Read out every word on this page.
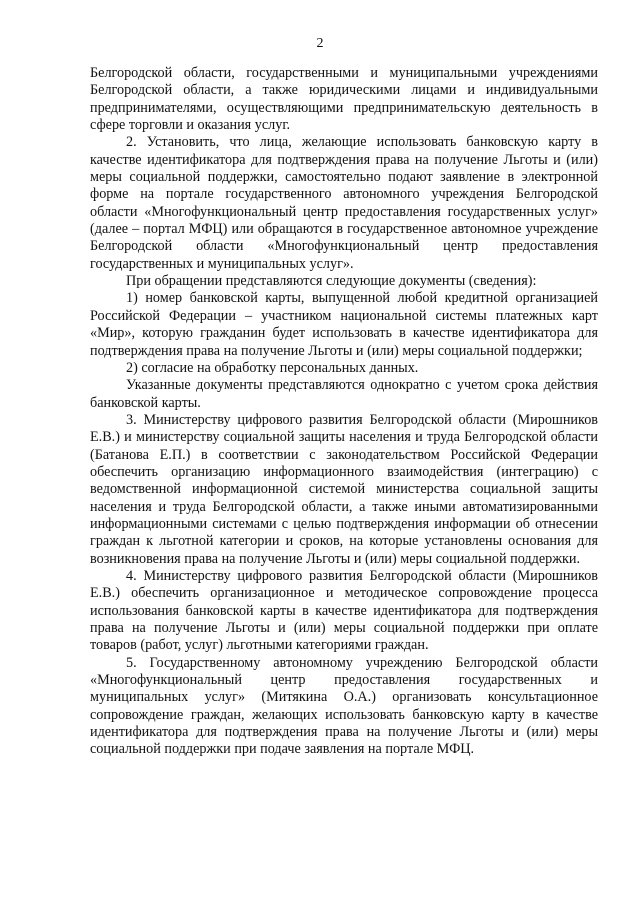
2

Белгородской области, государственными и муниципальными учреждениями Белгородской области, а также юридическими лицами и индивидуальными предпринимателями, осуществляющими предпринимательскую деятельность в сфере торговли и оказания услуг.

2. Установить, что лица, желающие использовать банковскую карту в качестве идентификатора для подтверждения права на получение Льготы и (или) меры социальной поддержки, самостоятельно подают заявление в электронной форме на портале государственного автономного учреждения Белгородской области «Многофункциональный центр предоставления государственных услуг» (далее – портал МФЦ) или обращаются в государственное автономное учреждение Белгородской области «Многофункциональный центр предоставления государственных и муниципальных услуг».

При обращении представляются следующие документы (сведения):

1) номер банковской карты, выпущенной любой кредитной организацией Российской Федерации – участником национальной системы платежных карт «Мир», которую гражданин будет использовать в качестве идентификатора для подтверждения права на получение Льготы и (или) меры социальной поддержки;

2) согласие на обработку персональных данных.

Указанные документы представляются однократно с учетом срока действия банковской карты.

3. Министерству цифрового развития Белгородской области (Мирошников Е.В.) и министерству социальной защиты населения и труда Белгородской области (Батанова Е.П.) в соответствии с законодательством Российской Федерации обеспечить организацию информационного взаимодействия (интеграцию) с ведомственной информационной системой министерства социальной защиты населения и труда Белгородской области, а также иными автоматизированными информационными системами с целью подтверждения информации об отнесении граждан к льготной категории и сроков, на которые установлены основания для возникновения права на получение Льготы и (или) меры социальной поддержки.

4. Министерству цифрового развития Белгородской области (Мирошников Е.В.) обеспечить организационное и методическое сопровождение процесса использования банковской карты в качестве идентификатора для подтверждения права на получение Льготы и (или) меры социальной поддержки при оплате товаров (работ, услуг) льготными категориями граждан.

5. Государственному автономному учреждению Белгородской области «Многофункциональный центр предоставления государственных и муниципальных услуг» (Митякина О.А.) организовать консультационное сопровождение граждан, желающих использовать банковскую карту в качестве идентификатора для подтверждения права на получение Льготы и (или) меры социальной поддержки при подаче заявления на портале МФЦ.
